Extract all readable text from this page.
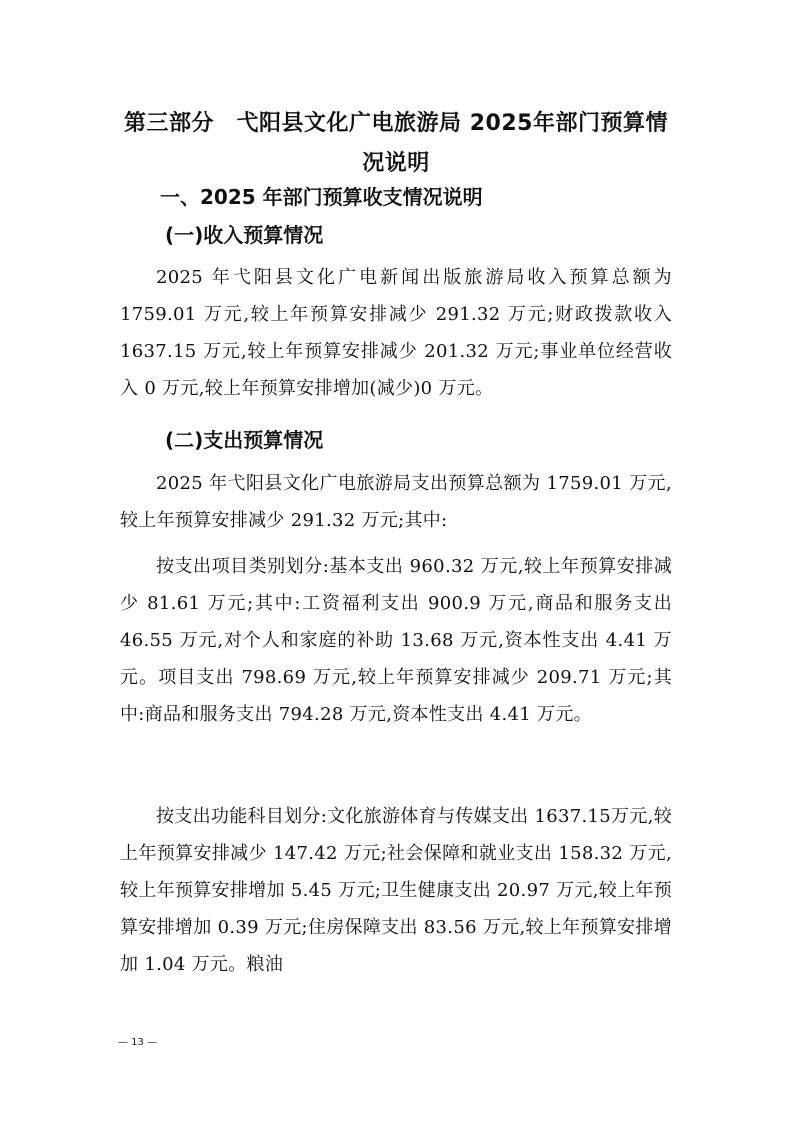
第三部分　弋阳县文化广电旅游局 2025年部门预算情况说明
一、2025 年部门预算收支情况说明
(一)收入预算情况
2025 年弋阳县文化广电新闻出版旅游局收入预算总额为 1759.01 万元,较上年预算安排减少 291.32 万元;财政拨款收入 1637.15 万元,较上年预算安排减少 201.32 万元;事业单位经营收入 0 万元,较上年预算安排增加(减少)0 万元。
(二)支出预算情况
2025 年弋阳县文化广电旅游局支出预算总额为 1759.01 万元,较上年预算安排减少 291.32 万元;其中:
按支出项目类别划分:基本支出 960.32 万元,较上年预算安排减少 81.61 万元;其中:工资福利支出 900.9 万元,商品和服务支出 46.55 万元,对个人和家庭的补助 13.68 万元,资本性支出 4.41 万元。项目支出 798.69 万元,较上年预算安排减少 209.71 万元;其中:商品和服务支出 794.28 万元,资本性支出 4.41 万元。
按支出功能科目划分:文化旅游体育与传媒支出 1637.15万元,较上年预算安排减少 147.42 万元;社会保障和就业支出 158.32 万元,较上年预算安排增加 5.45 万元;卫生健康支出 20.97 万元,较上年预算安排增加 0.39 万元;住房保障支出 83.56 万元,较上年预算安排增加 1.04 万元。粮油
— 13 —
